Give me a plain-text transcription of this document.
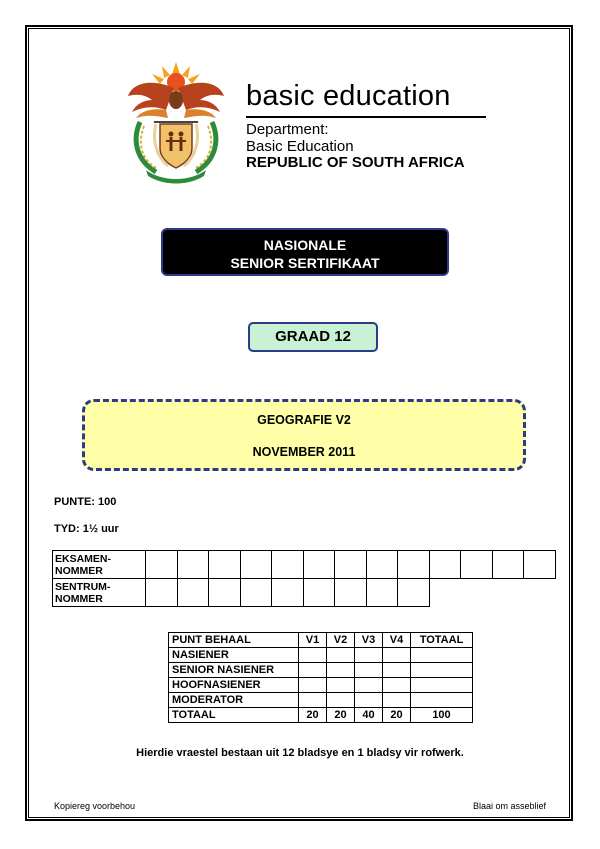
basic education
Department:
Basic Education
REPUBLIC OF SOUTH AFRICA
NASIONALE
SENIOR SERTIFIKAAT
GRAAD 12
GEOGRAFIE V2
NOVEMBER 2011
PUNTE: 100
TYD: 1½ uur
EKSAMEN-
NOMMER													

SENTRUM-
NOMMER													

PUNT BEHAAL	V1	V2	V3	V4	TOTAAL
NASIENER					
SENIOR NASIENER					
HOOFNASIENER					
MODERATOR					
TOTAAL	20	20	40	20	100
Hierdie vraestel bestaan uit 12 bladsye en 1 bladsy vir rofwerk.
Kopiereg voorbehou	Blaai om asseblief
